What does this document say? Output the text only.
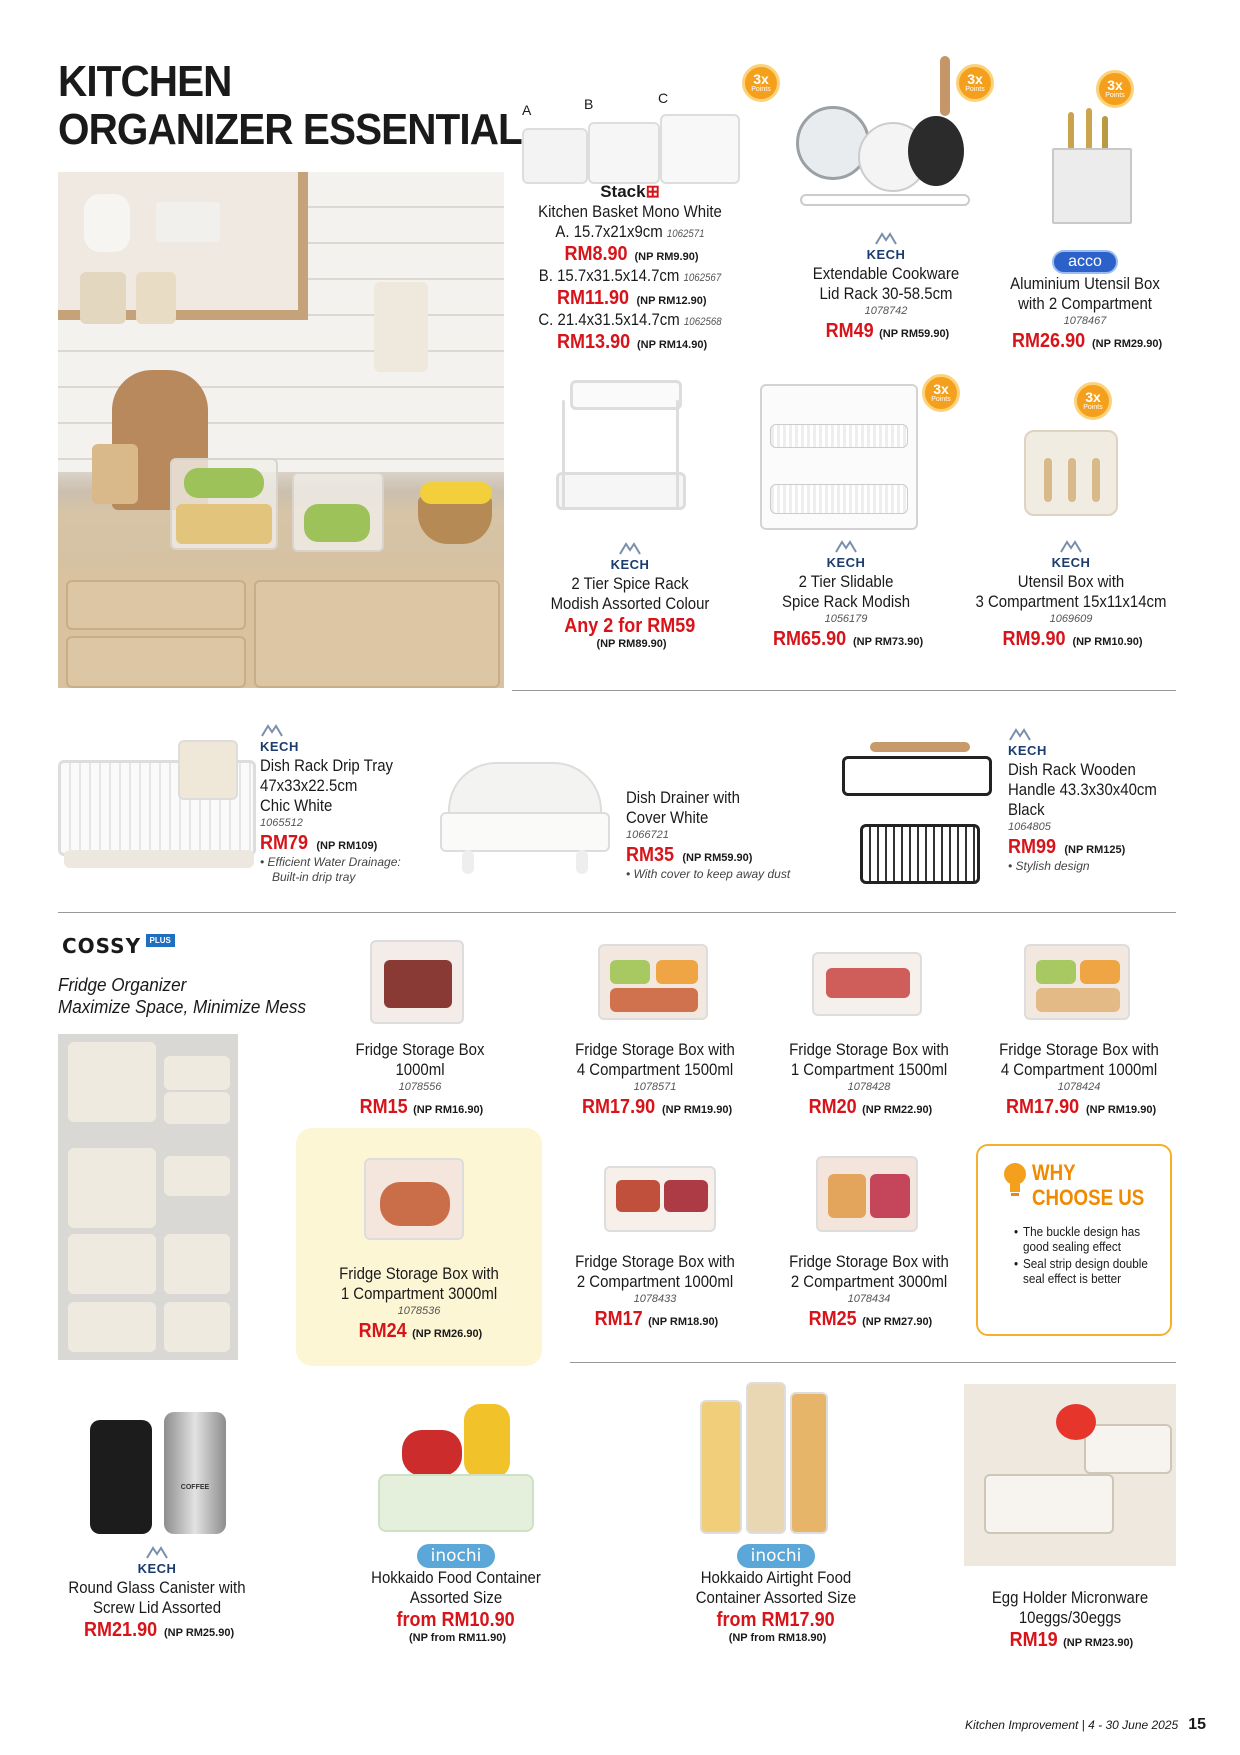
KITCHEN
ORGANIZER ESSENTIAL A	B	C
Stack⊞
Kitchen Basket Mono White
A. 15.7x21x9cm 1062571
RM8.90 (NP RM9.90)
B. 15.7x31.5x14.7cm 1062567
RM11.90 (NP RM12.90)
C. 21.4x31.5x14.7cm 1062568
RM13.90 (NP RM14.90)
3x
Points
KECH
Extendable Cookware
Lid Rack 30-58.5cm
1078742
RM49 (NP RM59.90)
3x
Points	3x
Points
acco
Aluminium Utensil Box
with 2 Compartment
1078467
RM26.90 (NP RM29.90)
KECH
2 Tier Spice Rack
Modish Assorted Colour
Any 2 for RM59
(NP RM89.90)
3x
Points
KECH
2 Tier Slidable
Spice Rack Modish
1056179
RM65.90 (NP RM73.90)
3x
Points
KECH
Utensil Box with
3 Compartment 15x11x14cm
1069609
RM9.90 (NP RM10.90)
KECH
Dish Rack Drip Tray
47x33x22.5cm
Chic White
1065512
RM79 (NP RM109)
• Efficient Water Drainage:
Built-in drip tray
Dish Drainer with
Cover White
1066721
RM35 (NP RM59.90)
• With cover to keep away dust
KECH
Dish Rack Wooden
Handle 43.3x30x40cm
Black
1064805
RM99 (NP RM125)
• Stylish design
COSSY PLUS
Fridge Organizer
Maximize Space, Minimize Mess
Fridge Storage Box
1000ml
1078556
RM15 (NP RM16.90)
Fridge Storage Box with
4 Compartment 1500ml
1078571
RM17.90 (NP RM19.90)
Fridge Storage Box with
1 Compartment 1500ml
1078428
RM20 (NP RM22.90)
Fridge Storage Box with
4 Compartment 1000ml
1078424
RM17.90 (NP RM19.90)
Fridge Storage Box with
1 Compartment 3000ml
1078536
RM24 (NP RM26.90)
Fridge Storage Box with
2 Compartment 1000ml
1078433
RM17 (NP RM18.90)
Fridge Storage Box with
2 Compartment 3000ml
1078434
RM25 (NP RM27.90)
WHY
CHOOSE US
• The buckle design has good sealing effect
• Seal strip design double seal effect is better
COFFEE
KECH
Round Glass Canister with
Screw Lid Assorted
RM21.90 (NP RM25.90)
inochi
Hokkaido Food Container
Assorted Size
from RM10.90
(NP from RM11.90)
inochi
Hokkaido Airtight Food
Container Assorted Size
from RM17.90
(NP from RM18.90)
Egg Holder Micronware
10eggs/30eggs
RM19 (NP RM23.90)
Kitchen Improvement | 4 - 30 June 2025 15
